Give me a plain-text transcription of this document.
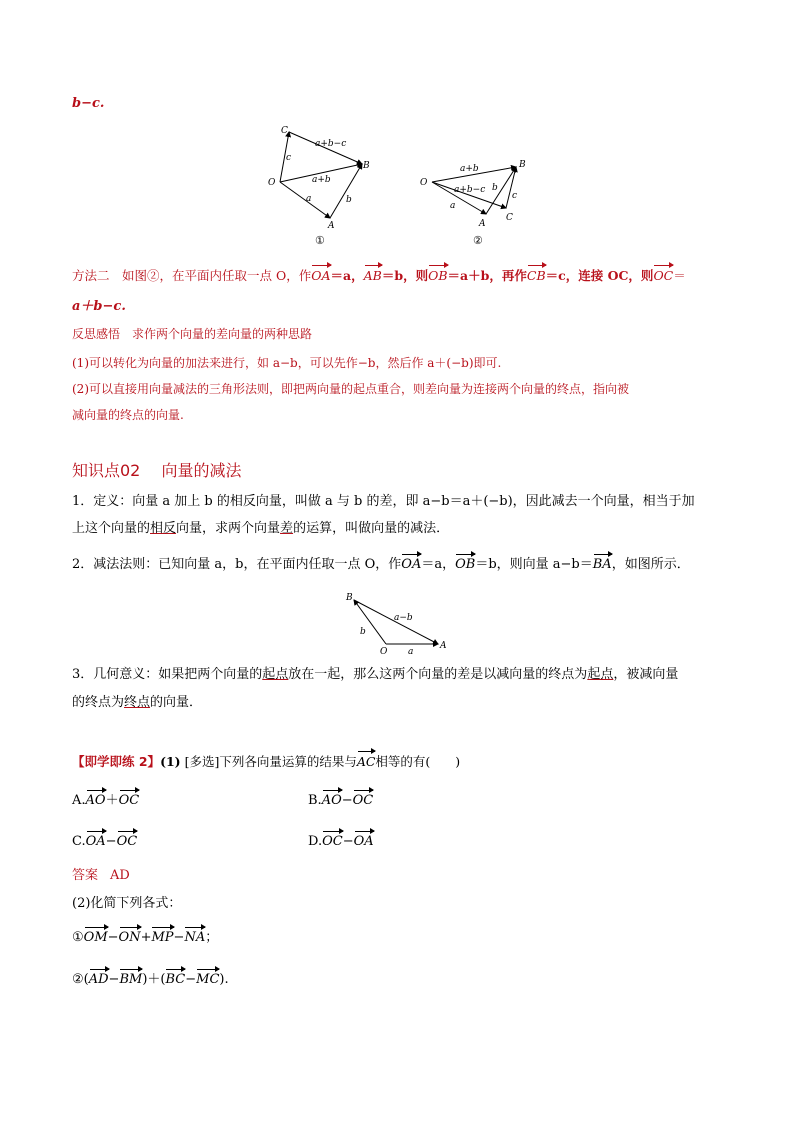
b−c.
C
O
B
A
c
a+b−c
a+b
a	b
①
O
B
A
C
a+b
a+b−c b
a
c
②
方法二　如图②，在平面内任取一点 O，作OA＝a，AB＝b，则OB＝a＋b，再作CB＝c，连接 OC，则OC＝
a＋b−c.
反思感悟　求作两个向量的差向量的两种思路
(1)可以转化为向量的加法来进行，如 a−b，可以先作−b，然后作 a＋(−b)即可.
(2)可以直接用向量减法的三角形法则，即把两向量的起点重合，则差向量为连接两个向量的终点，指向被
减向量的终点的向量.
知识点02　 向量的减法
1．定义：向量 a 加上 b 的相反向量，叫做 a 与 b 的差，即 a−b＝a＋(−b)，因此减去一个向量，相当于加
上这个向量的相反向量，求两个向量差的运算，叫做向量的减法．
2．减法法则：已知向量 a，b，在平面内任取一点 O，作OA＝a，OB＝b，则向量 a−b＝BA，如图所示．
B
O
A
a−b
b
a
3．几何意义：如果把两个向量的起点放在一起，那么这两个向量的差是以减向量的终点为起点，被减向量
的终点为终点的向量．
【即学即练 2】(1) [多选]下列各向量运算的结果与AC相等的有(　　)
A.AO＋OC	B.AO−OC
C.OA−OC	D.OC−OA
答案 AD
(2)化简下列各式：
①OM−ON+MP−NA；
②(AD−BM)＋(BC−MC).
